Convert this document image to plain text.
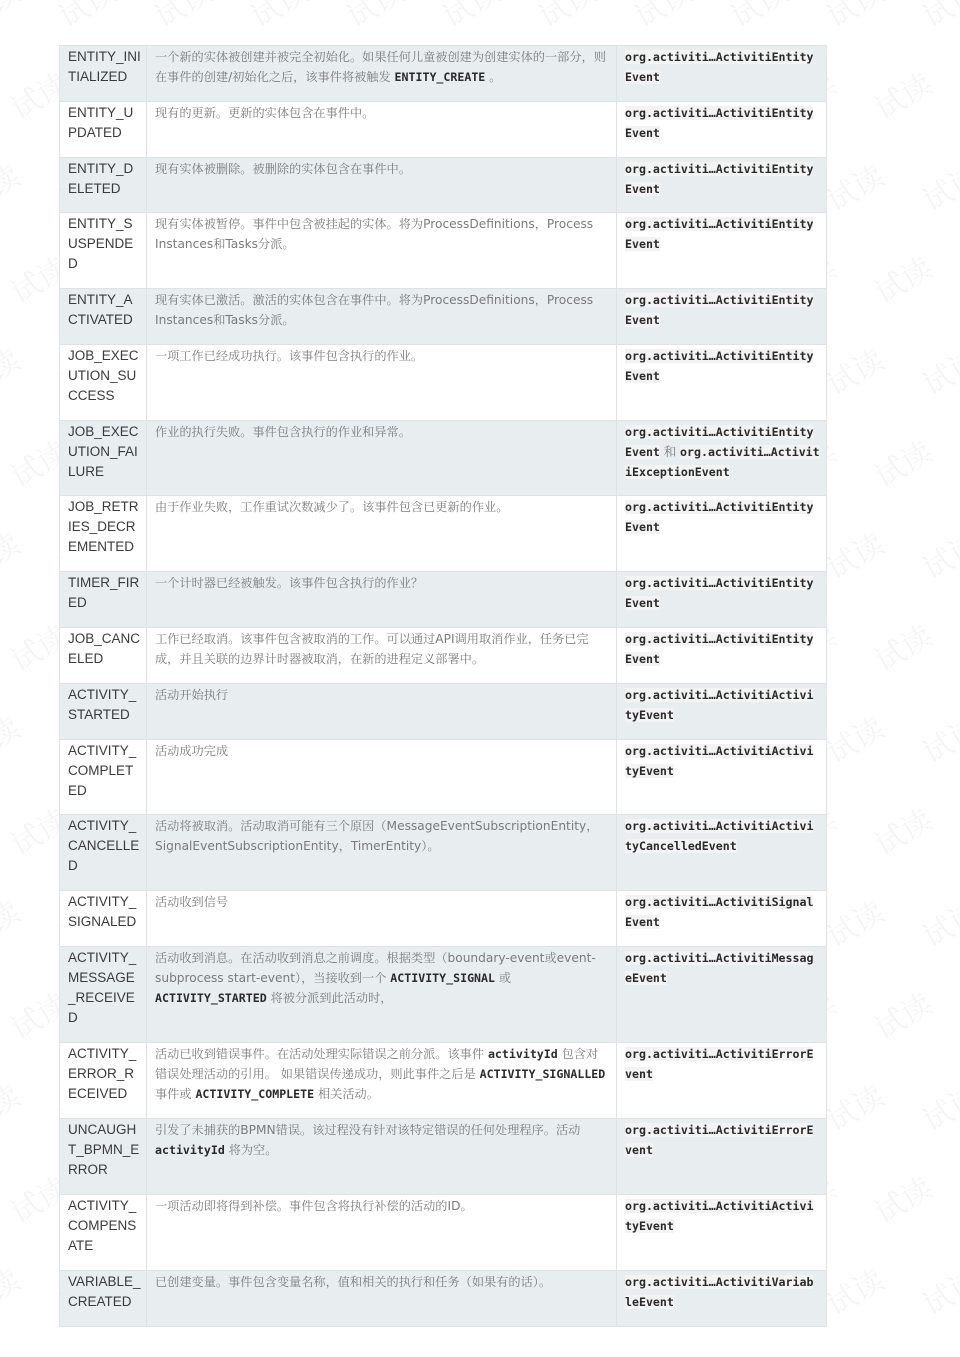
ENTITY_INITIALIZED	一个新的实体被创建并被完全初始化。如果任何儿童被创建为创建实体的一部分，则在事件的创建/初始化之后，该事件将被触发 ENTITY_CREATE 。	org.activiti…ActivitiEntityEvent

ENTITY_UPDATED	现有的更新。更新的实体包含在事件中。	org.activiti…ActivitiEntityEvent

ENTITY_DELETED	现有实体被删除。被删除的实体包含在事件中。	org.activiti…ActivitiEntityEvent

ENTITY_SUSPENDED	现有实体被暂停。事件中包含被挂起的实体。将为ProcessDefinitions，Process Instances和Tasks分派。	org.activiti…ActivitiEntityEvent

ENTITY_ACTIVATED	现有实体已激活。激活的实体包含在事件中。将为ProcessDefinitions，Process Instances和Tasks分派。	org.activiti…ActivitiEntityEvent

JOB_EXECUTION_SUCCESS	一项工作已经成功执行。该事件包含执行的作业。	org.activiti…ActivitiEntityEvent

JOB_EXECUTION_FAILURE	作业的执行失败。事件包含执行的作业和异常。	org.activiti…ActivitiEntityEvent 和 org.activiti…ActivitiExceptionEvent

JOB_RETRIES_DECREMENTED	由于作业失败，工作重试次数减少了。该事件包含已更新的作业。	org.activiti…ActivitiEntityEvent

TIMER_FIRED	一个计时器已经被触发。该事件包含执行的作业？	org.activiti…ActivitiEntityEvent

JOB_CANCELED	工作已经取消。该事件包含被取消的工作。可以通过API调用取消作业，任务已完成，并且关联的边界计时器被取消，在新的进程定义部署中。	org.activiti…ActivitiEntityEvent

ACTIVITY_STARTED	活动开始执行	org.activiti…ActivitiActivityEvent

ACTIVITY_COMPLETED	活动成功完成	org.activiti…ActivitiActivityEvent

ACTIVITY_CANCELLED	活动将被取消。活动取消可能有三个原因（MessageEventSubscriptionEntity，SignalEventSubscriptionEntity，TimerEntity）。	org.activiti…ActivitiActivityCancelledEvent

ACTIVITY_SIGNALED	活动收到信号	org.activiti…ActivitiSignalEvent

ACTIVITY_MESSAGE_RECEIVED	活动收到消息。在活动收到消息之前调度。根据类型（boundary-event或event-subprocess start-event），当接收到一个 ACTIVITY_SIGNAL 或 ACTIVITY_STARTED 将被分派到此活动时，	org.activiti…ActivitiMessageEvent

ACTIVITY_ERROR_RECEIVED	活动已收到错误事件。在活动处理实际错误之前分派。该事件 activityId 包含对错误处理活动的引用。 如果错误传递成功，则此事件之后是 ACTIVITY_SIGNALLED 事件或 ACTIVITY_COMPLETE 相关活动。	org.activiti…ActivitiErrorEvent

UNCAUGHT_BPMN_ERROR	引发了未捕获的BPMN错误。该过程没有针对该特定错误的任何处理程序。活动 activityId 将为空。	org.activiti…ActivitiErrorEvent

ACTIVITY_COMPENSATE	一项活动即将得到补偿。事件包含将执行补偿的活动的ID。	org.activiti…ActivitiActivityEvent

VARIABLE_CREATED	已创建变量。事件包含变量名称，值和相关的执行和任务（如果有的话）。	org.activiti…ActivitiVariableEvent
